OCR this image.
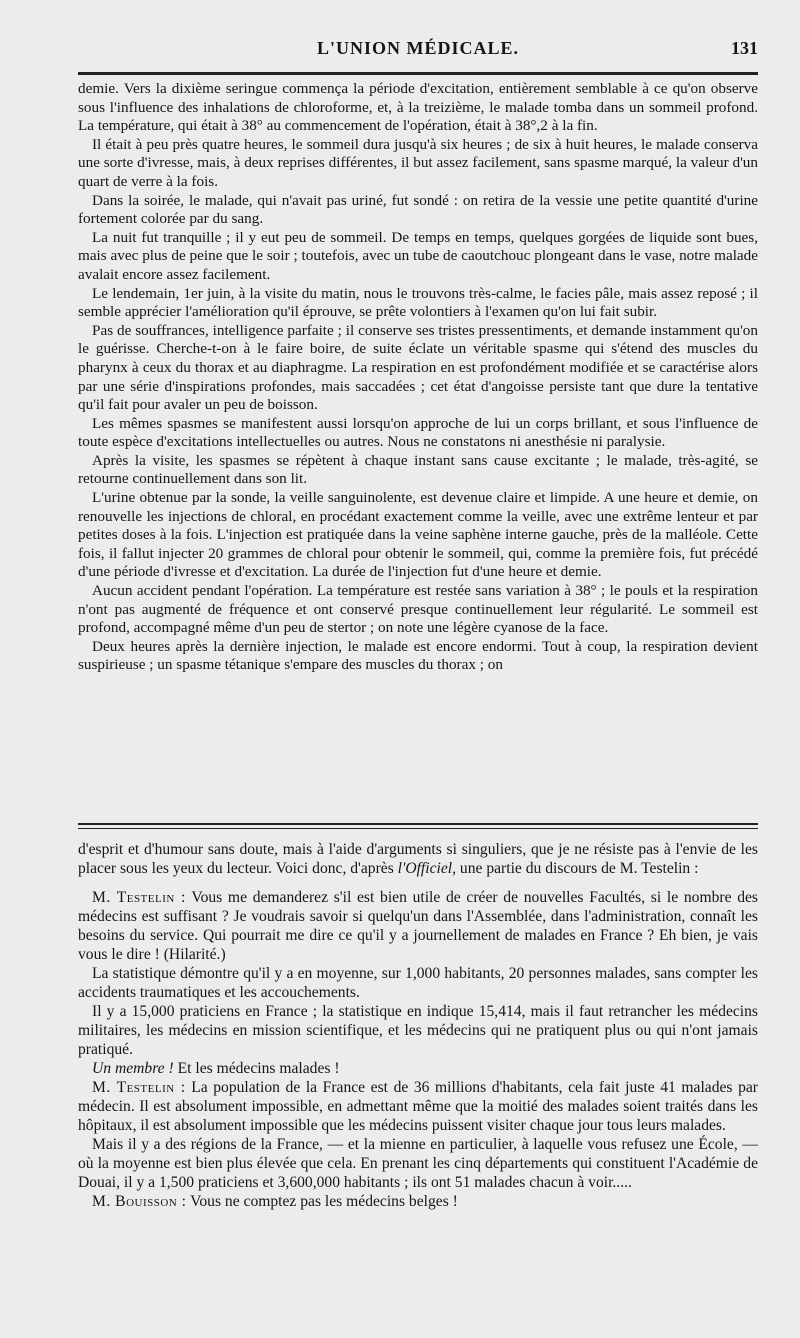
L'UNION MÉDICALE.	131

demie. Vers la dixième seringue commença la période d'excitation, entièrement semblable à ce qu'on observe sous l'influence des inhalations de chloroforme, et, à la treizième, le malade tomba dans un sommeil profond. La température, qui était à 38° au commencement de l'opération, était à 38°,2 à la fin.

Il était à peu près quatre heures, le sommeil dura jusqu'à six heures ; de six à huit heures, le malade conserva une sorte d'ivresse, mais, à deux reprises différentes, il but assez facilement, sans spasme marqué, la valeur d'un quart de verre à la fois.

Dans la soirée, le malade, qui n'avait pas uriné, fut sondé : on retira de la vessie une petite quantité d'urine fortement colorée par du sang.

La nuit fut tranquille ; il y eut peu de sommeil. De temps en temps, quelques gorgées de liquide sont bues, mais avec plus de peine que le soir ; toutefois, avec un tube de caoutchouc plongeant dans le vase, notre malade avalait encore assez facilement.

Le lendemain, 1er juin, à la visite du matin, nous le trouvons très-calme, le facies pâle, mais assez reposé ; il semble apprécier l'amélioration qu'il éprouve, se prête volontiers à l'examen qu'on lui fait subir.

Pas de souffrances, intelligence parfaite ; il conserve ses tristes pressentiments, et demande instamment qu'on le guérisse. Cherche-t-on à le faire boire, de suite éclate un véritable spasme qui s'étend des muscles du pharynx à ceux du thorax et au diaphragme. La respiration en est profondément modifiée et se caractérise alors par une série d'inspirations profondes, mais saccadées ; cet état d'angoisse persiste tant que dure la tentative qu'il fait pour avaler un peu de boisson.

Les mêmes spasmes se manifestent aussi lorsqu'on approche de lui un corps brillant, et sous l'influence de toute espèce d'excitations intellectuelles ou autres. Nous ne constatons ni anesthésie ni paralysie.

Après la visite, les spasmes se répètent à chaque instant sans cause excitante ; le malade, très-agité, se retourne continuellement dans son lit.

L'urine obtenue par la sonde, la veille sanguinolente, est devenue claire et limpide. A une heure et demie, on renouvelle les injections de chloral, en procédant exactement comme la veille, avec une extrême lenteur et par petites doses à la fois. L'injection est pratiquée dans la veine saphène interne gauche, près de la malléole. Cette fois, il fallut injecter 20 grammes de chloral pour obtenir le sommeil, qui, comme la première fois, fut précédé d'une période d'ivresse et d'excitation. La durée de l'injection fut d'une heure et demie.

Aucun accident pendant l'opération. La température est restée sans variation à 38° ; le pouls et la respiration n'ont pas augmenté de fréquence et ont conservé presque continuellement leur régularité. Le sommeil est profond, accompagné même d'un peu de stertor ; on note une légère cyanose de la face.

Deux heures après la dernière injection, le malade est encore endormi. Tout à coup, la respiration devient suspirieuse ; un spasme tétanique s'empare des muscles du thorax ; on

d'esprit et d'humour sans doute, mais à l'aide d'arguments si singuliers, que je ne résiste pas à l'envie de les placer sous les yeux du lecteur. Voici donc, d'après l'Officiel, une partie du discours de M. Testelin :

M. Testelin : Vous me demanderez s'il est bien utile de créer de nouvelles Facultés, si le nombre des médecins est suffisant ? Je voudrais savoir si quelqu'un dans l'Assemblée, dans l'administration, connaît les besoins du service. Qui pourrait me dire ce qu'il y a journellement de malades en France ? Eh bien, je vais vous le dire ! (Hilarité.)

La statistique démontre qu'il y a en moyenne, sur 1,000 habitants, 20 personnes malades, sans compter les accidents traumatiques et les accouchements.

Il y a 15,000 praticiens en France ; la statistique en indique 15,414, mais il faut retrancher les médecins militaires, les médecins en mission scientifique, et les médecins qui ne pratiquent plus ou qui n'ont jamais pratiqué.

Un membre ! Et les médecins malades !

M. Testelin : La population de la France est de 36 millions d'habitants, cela fait juste 41 malades par médecin. Il est absolument impossible, en admettant même que la moitié des malades soient traités dans les hôpitaux, il est absolument impossible que les médecins puissent visiter chaque jour tous leurs malades.

Mais il y a des régions de la France, — et la mienne en particulier, à laquelle vous refusez une École, — où la moyenne est bien plus élevée que cela. En prenant les cinq départements qui constituent l'Académie de Douai, il y a 1,500 praticiens et 3,600,000 habitants ; ils ont 51 malades chacun à voir.....

M. Bouisson : Vous ne comptez pas les médecins belges !
